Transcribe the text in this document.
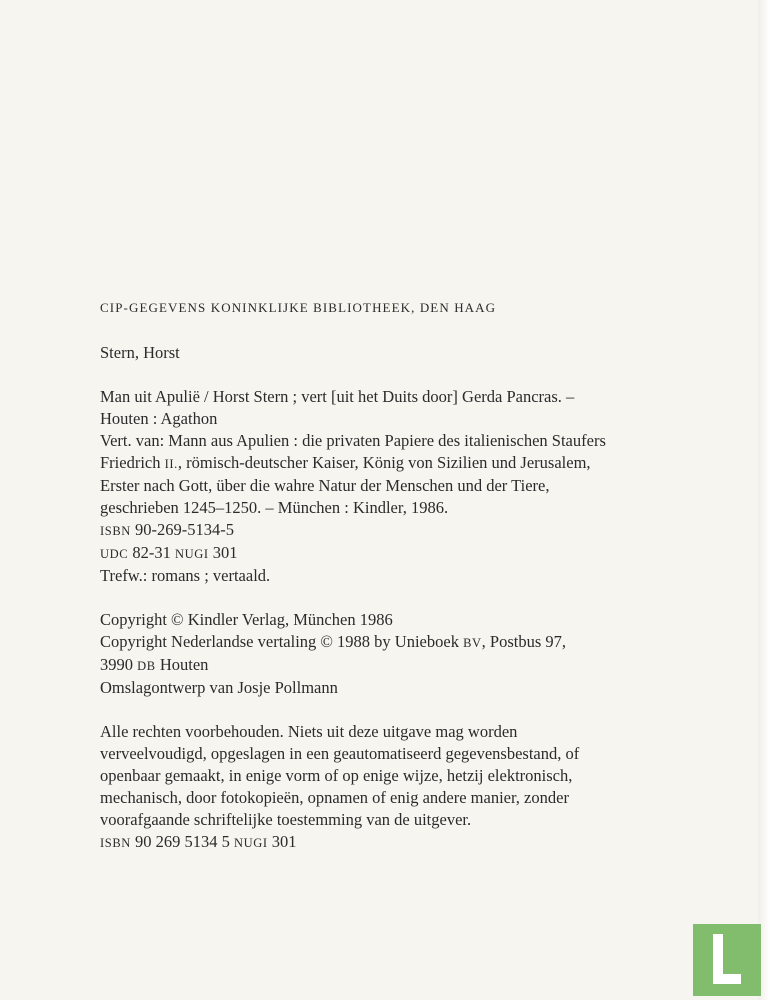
CIP-GEGEVENS KONINKLIJKE BIBLIOTHEEK, DEN HAAG

Stern, Horst

Man uit Apulië / Horst Stern ; vert [uit het Duits door] Gerda Pancras. –

Houten : Agathon

Vert. van: Mann aus Apulien : die privaten Papiere des italienischen Staufers

Friedrich II., römisch-deutscher Kaiser, König von Sizilien und Jerusalem,

Erster nach Gott, über die wahre Natur der Menschen und der Tiere,

geschrieben 1245–1250. – München : Kindler, 1986.

ISBN 90-269-5134-5

UDC 82-31 NUGI 301

Trefw.: romans ; vertaald.

Copyright © Kindler Verlag, München 1986

Copyright Nederlandse vertaling © 1988 by Unieboek BV, Postbus 97,

3990 DB Houten

Omslagontwerp van Josje Pollmann

Alle rechten voorbehouden. Niets uit deze uitgave mag worden

verveelvoudigd, opgeslagen in een geautomatiseerd gegevensbestand, of

openbaar gemaakt, in enige vorm of op enige wijze, hetzij elektronisch,

mechanisch, door fotokopieën, opnamen of enig andere manier, zonder

voorafgaande schriftelijke toestemming van de uitgever.

ISBN 90 269 5134 5 NUGI 301
